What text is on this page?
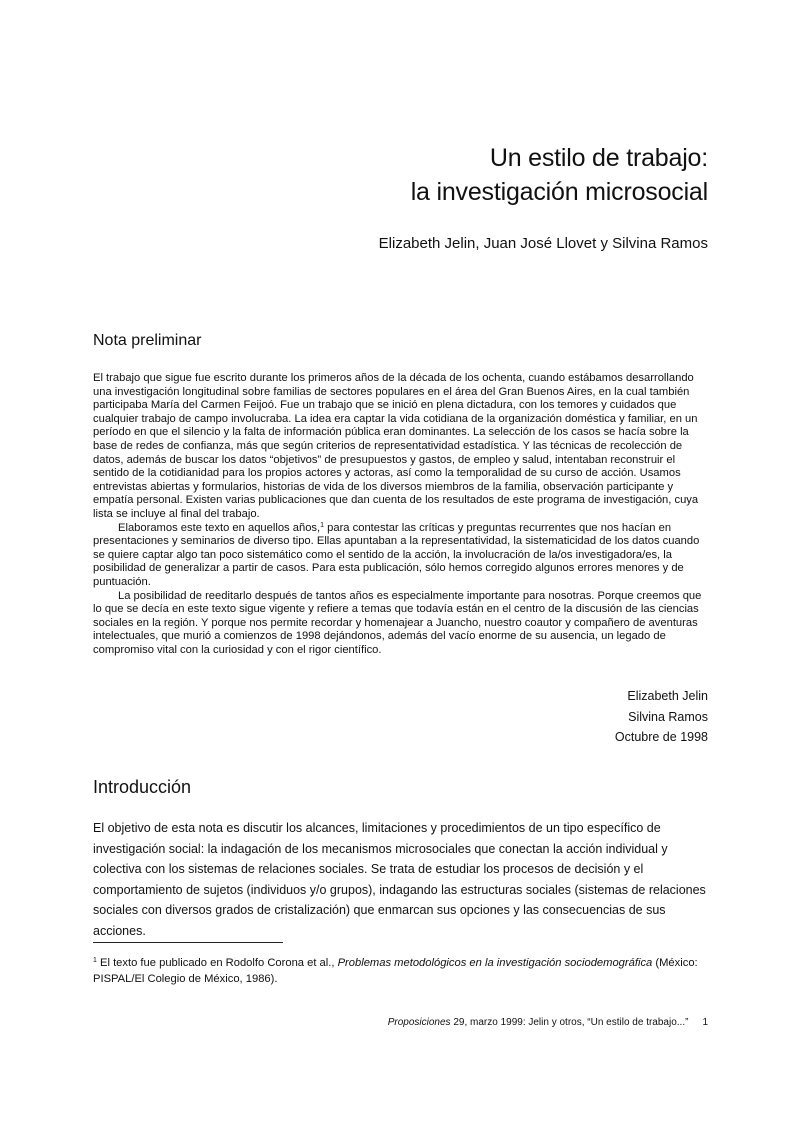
Un estilo de trabajo:
la investigación microsocial
Elizabeth Jelin, Juan José Llovet y Silvina Ramos
Nota preliminar

El trabajo que sigue fue escrito durante los primeros años de la década de los ochenta, cuando estábamos desarrollando una investigación longitudinal sobre familias de sectores populares en el área del Gran Buenos Aires, en la cual también participaba María del Carmen Feijoó. Fue un trabajo que se inició en plena dictadura, con los temores y cuidados que cualquier trabajo de campo involucraba. La idea era captar la vida cotidiana de la organización doméstica y familiar, en un período en que el silencio y la falta de información pública eran dominantes. La selección de los casos se hacía sobre la base de redes de confianza, más que según criterios de representatividad estadística. Y las técnicas de recolección de datos, además de buscar los datos “objetivos” de presupuestos y gastos, de empleo y salud, intentaban reconstruir el sentido de la cotidianidad para los propios actores y actoras, así como la temporalidad de su curso de acción. Usamos entrevistas abiertas y formularios, historias de vida de los diversos miembros de la familia, observación participante y empatía personal. Existen varias publicaciones que dan cuenta de los resultados de este programa de investigación, cuya lista se incluye al final del trabajo.

Elaboramos este texto en aquellos años,$^1$ para contestar las críticas y preguntas recurrentes que nos hacían en presentaciones y seminarios de diverso tipo. Ellas apuntaban a la representatividad, la sistematicidad de los datos cuando se quiere captar algo tan poco sistemático como el sentido de la acción, la involucración de la/os investigadora/es, la posibilidad de generalizar a partir de casos. Para esta publicación, sólo hemos corregido algunos errores menores y de puntuación.

La posibilidad de reeditarlo después de tantos años es especialmente importante para nosotras. Porque creemos que lo que se decía en este texto sigue vigente y refiere a temas que todavía están en el centro de la discusión de las ciencias sociales en la región. Y porque nos permite recordar y homenajear a Juancho, nuestro coautor y compañero de aventuras intelectuales, que murió a comienzos de 1998 dejándonos, además del vacío enorme de su ausencia, un legado de compromiso vital con la curiosidad y con el rigor científico.

Elizabeth Jelin
Silvina Ramos
Octubre de 1998
Introducción

El objetivo de esta nota es discutir los alcances, limitaciones y procedimientos de un tipo específico de investigación social: la indagación de los mecanismos microsociales que conectan la acción individual y colectiva con los sistemas de relaciones sociales. Se trata de estudiar los procesos de decisión y el comportamiento de sujetos (individuos y/o grupos), indagando las estructuras sociales (sistemas de relaciones sociales con diversos grados de cristalización) que enmarcan sus opciones y las consecuencias de sus acciones.

$^1$ El texto fue publicado en Rodolfo Corona et al., Problemas metodológicos en la investigación sociodemográfica (México: PISPAL/El Colegio de México, 1986).

Proposiciones 29, marzo 1999: Jelin y otros, “Un estilo de trabajo...” 1
